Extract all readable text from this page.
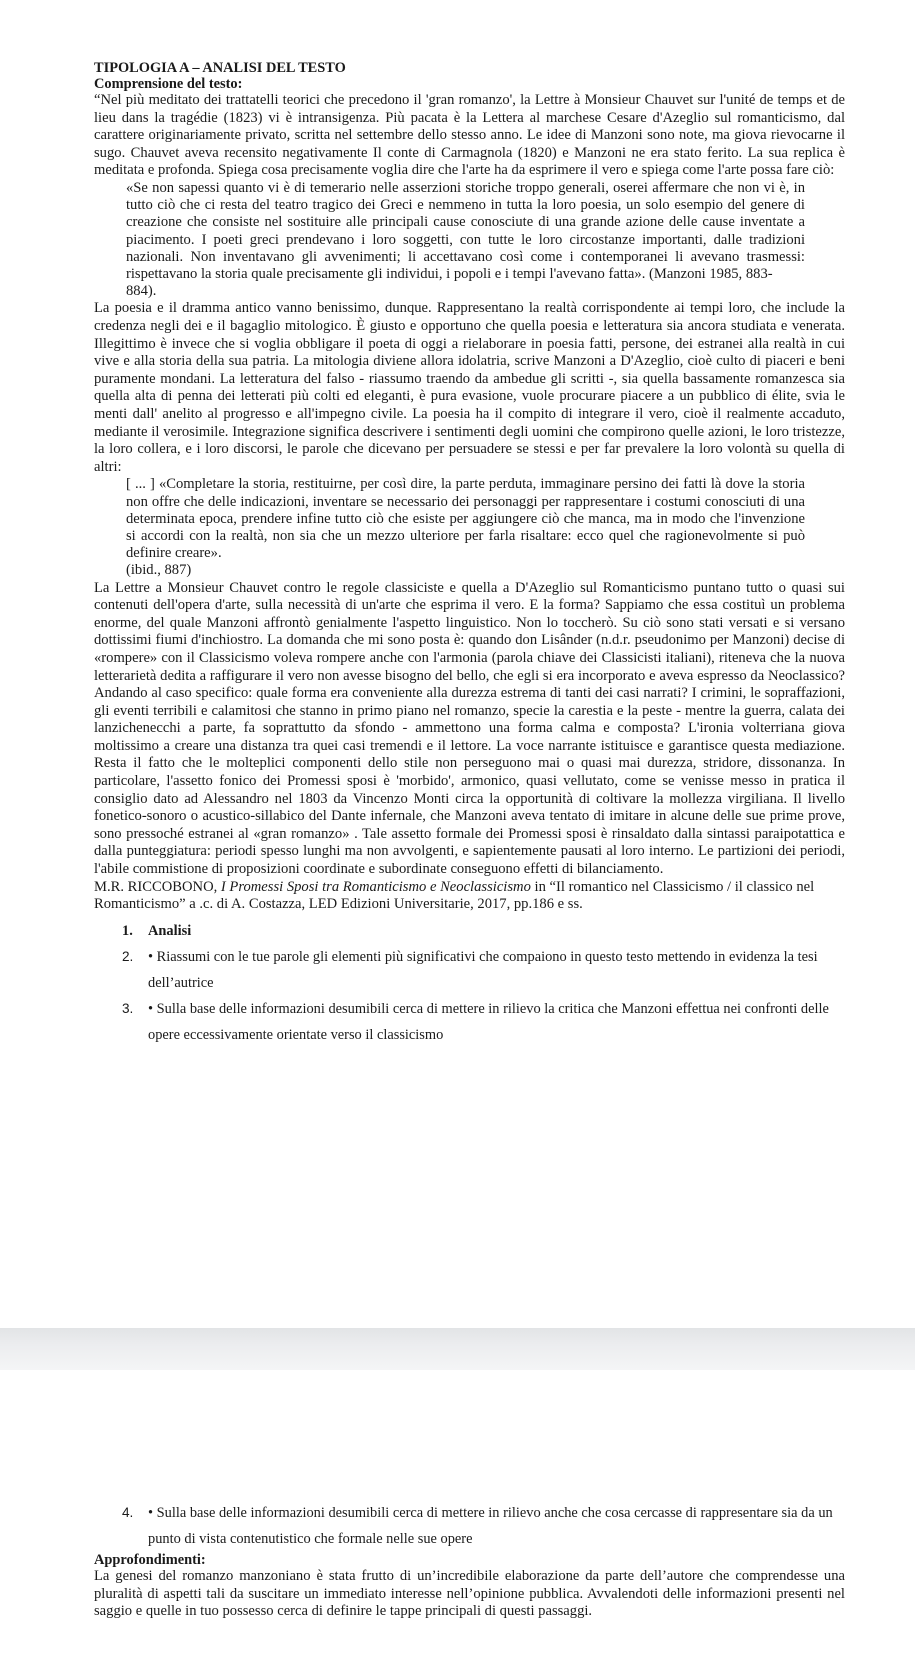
TIPOLOGIA A – ANALISI DEL TESTO
Comprensione del testo:

“Nel più meditato dei trattatelli teorici che precedono il 'gran romanzo', la Lettre à Monsieur Chauvet sur l'unité de temps et de lieu dans la tragédie (1823) vi è intransigenza. Più pacata è la Lettera al marchese Cesare d'Azeglio sul romanticismo, dal carattere originariamente privato, scritta nel settembre dello stesso anno. Le idee di Manzoni sono note, ma giova rievocarne il sugo. Chauvet aveva recensito negativamente Il conte di Carmagnola (1820) e Manzoni ne era stato ferito. La sua replica è meditata e profonda. Spiega cosa precisamente voglia dire che l'arte ha da esprimere il vero e spiega come l'arte possa fare ciò:

«Se non sapessi quanto vi è di temerario nelle asserzioni storiche troppo generali, oserei affermare che non vi è, in tutto ciò che ci resta del teatro tragico dei Greci e nemmeno in tutta la loro poesia, un solo esempio del genere di creazione che consiste nel sostituire alle principali cause conosciute di una grande azione delle cause inventate a piacimento. I poeti greci prendevano i loro soggetti, con tutte le loro circostanze importanti, dalle tradizioni nazionali. Non inventavano gli avvenimenti; li accettavano così come i contemporanei li avevano trasmessi: rispettavano la storia quale precisamente gli individui, i popoli e i tempi l'avevano fatta». (Manzoni 1985, 883-

884).

La poesia e il dramma antico vanno benissimo, dunque. Rappresentano la realtà corrispondente ai tempi loro, che include la credenza negli dei e il bagaglio mitologico. È giusto e opportuno che quella poesia e letteratura sia ancora studiata e venerata. Illegittimo è invece che si voglia obbligare il poeta di oggi a rielaborare in poesia fatti, persone, dei estranei alla realtà in cui vive e alla storia della sua patria. La mitologia diviene allora idolatria, scrive Manzoni a D'Azeglio, cioè culto di piaceri e beni puramente mondani. La letteratura del falso - riassumo traendo da ambedue gli scritti -, sia quella bassamente romanzesca sia quella alta di penna dei letterati più colti ed eleganti, è pura evasione, vuole procurare piacere a un pubblico di élite, svia le menti dall' anelito al progresso e all'impegno civile. La poesia ha il compito di integrare il vero, cioè il realmente accaduto, mediante il verosimile. Integrazione significa descrivere i sentimenti degli uomini che compirono quelle azioni, le loro tristezze, la loro collera, e i loro discorsi, le parole che dicevano per persuadere se stessi e per far prevalere la loro volontà su quella di altri:

[ ... ] «Completare la storia, restituirne, per così dire, la parte perduta, immaginare persino dei fatti là dove la storia non offre che delle indicazioni, inventare se necessario dei personaggi per rappresentare i costumi conosciuti di una determinata epoca, prendere infine tutto ciò che esiste per aggiungere ciò che manca, ma in modo che l'invenzione si accordi con la realtà, non sia che un mezzo ulteriore per farla risaltare: ecco quel che ragionevolmente si può definire creare».

(ibid., 887)

La Lettre a Monsieur Chauvet contro le regole classiciste e quella a D'Azeglio sul Romanticismo puntano tutto o quasi sui contenuti dell'opera d'arte, sulla necessità di un'arte che esprima il vero. E la forma? Sappiamo che essa costituì un problema enorme, del quale Manzoni affrontò genialmente l'aspetto linguistico. Non lo toccherò. Su ciò sono stati versati e si versano dottissimi fiumi d'inchiostro. La domanda che mi sono posta è: quando don Lisânder (n.d.r. pseudonimo per Manzoni) decise di «rompere» con il Classicismo voleva rompere anche con l'armonia (parola chiave dei Classicisti italiani), riteneva che la nuova letterarietà dedita a raffigurare il vero non avesse bisogno del bello, che egli si era incorporato e aveva espresso da Neoclassico? Andando al caso specifico: quale forma era conveniente alla durezza estrema di tanti dei casi narrati? I crimini, le sopraffazioni, gli eventi terribili e calamitosi che stanno in primo piano nel romanzo, specie la carestia e la peste - mentre la guerra, calata dei lanzichenecchi a parte, fa soprattutto da sfondo - ammettono una forma calma e composta? L'ironia volterriana giova moltissimo a creare una distanza tra quei casi tremendi e il lettore. La voce narrante istituisce e garantisce questa mediazione. Resta il fatto che le molteplici componenti dello stile non perseguono mai o quasi mai durezza, stridore, dissonanza. In particolare, l'assetto fonico dei Promessi sposi è 'morbido', armonico, quasi vellutato, come se venisse messo in pratica il consiglio dato ad Alessandro nel 1803 da Vincenzo Monti circa la opportunità di coltivare la mollezza virgiliana. Il livello fonetico-sonoro o acustico-sillabico del Dante infernale, che Manzoni aveva tentato di imitare in alcune delle sue prime prove, sono pressoché estranei al «gran romanzo» . Tale assetto formale dei Promessi sposi è rinsaldato dalla sintassi paraipotattica e dalla punteggiatura: periodi spesso lunghi ma non avvolgenti, e sapientemente pausati al loro interno. Le partizioni dei periodi, l'abile commistione di proposizioni coordinate e subordinate conseguono effetti di bilanciamento.

M.R. RICCOBONO, I Promessi Sposi tra Romanticismo e Neoclassicismo in “Il romantico nel Classicismo / il classico nel Romanticismo” a .c. di A. Costazza, LED Edizioni Universitarie, 2017, pp.186 e ss.

1.	Analisi
2.	• Riassumi con le tue parole gli elementi più significativi che compaiono in questo testo mettendo in evidenza la tesi dell’autrice
3.	• Sulla base delle informazioni desumibili cerca di mettere in rilievo la critica che Manzoni effettua nei confronti delle opere eccessivamente orientate verso il classicismo
4.	• Sulla base delle informazioni desumibili cerca di mettere in rilievo anche che cosa cercasse di rappresentare sia da un punto di vista contenutistico che formale nelle sue opere
Approfondimenti:

La genesi del romanzo manzoniano è stata frutto di un’incredibile elaborazione da parte dell’autore che comprendesse una pluralità di aspetti tali da suscitare un immediato interesse nell’opinione pubblica. Avvalendoti delle informazioni presenti nel saggio e quelle in tuo possesso cerca di definire le tappe principali di questi passaggi.
